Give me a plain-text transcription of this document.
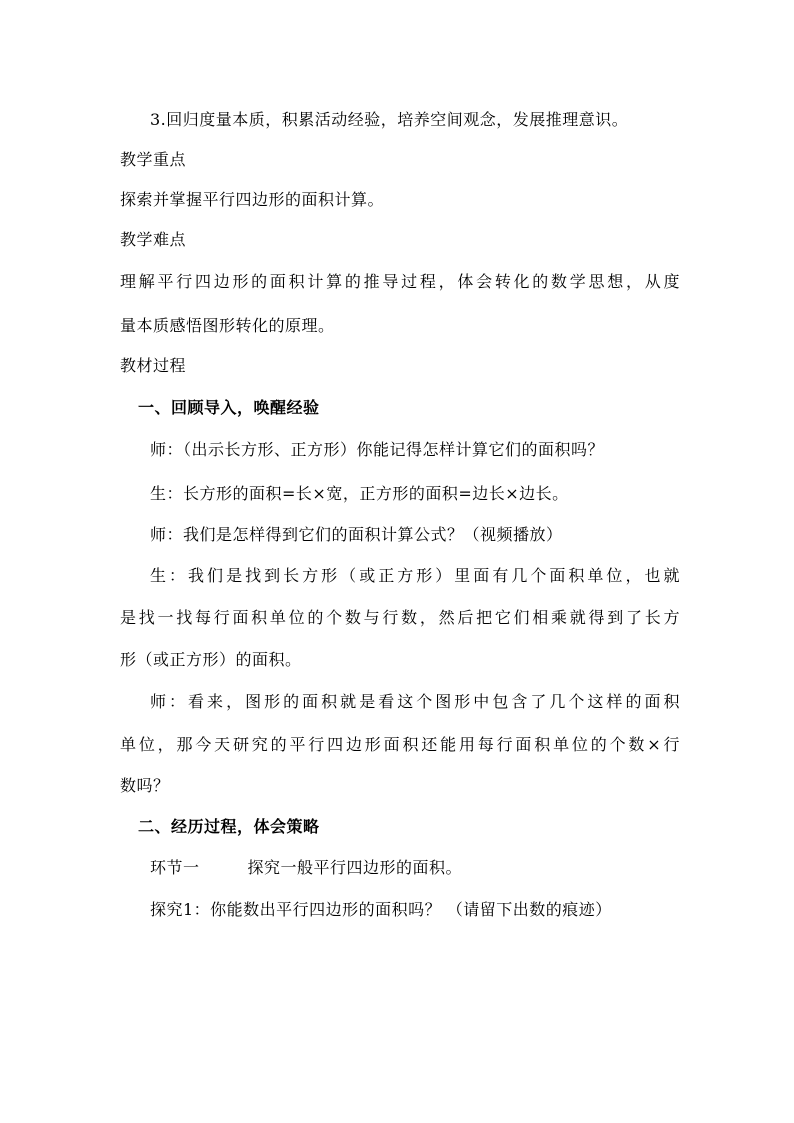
3.回归度量本质，积累活动经验，培养空间观念，发展推理意识。
教学重点
探索并掌握平行四边形的面积计算。
教学难点
理解平行四边形的面积计算的推导过程，体会转化的数学思想，从度
量本质感悟图形转化的原理。
教材过程
一、回顾导入，唤醒经验
师：（出示长方形、正方形）你能记得怎样计算它们的面积吗？
生：长方形的面积=长×宽，正方形的面积=边长×边长。
师：我们是怎样得到它们的面积计算公式？（视频播放）
生：我们是找到长方形（或正方形）里面有几个面积单位，也就
是找一找每行面积单位的个数与行数，然后把它们相乘就得到了长方
形（或正方形）的面积。
师：看来，图形的面积就是看这个图形中包含了几个这样的面积
单位，那今天研究的平行四边形面积还能用每行面积单位的个数×行
数吗？
二、经历过程，体会策略
环节一	探究一般平行四边形的面积。
探究1：你能数出平行四边形的面积吗？ （请留下出数的痕迹）
